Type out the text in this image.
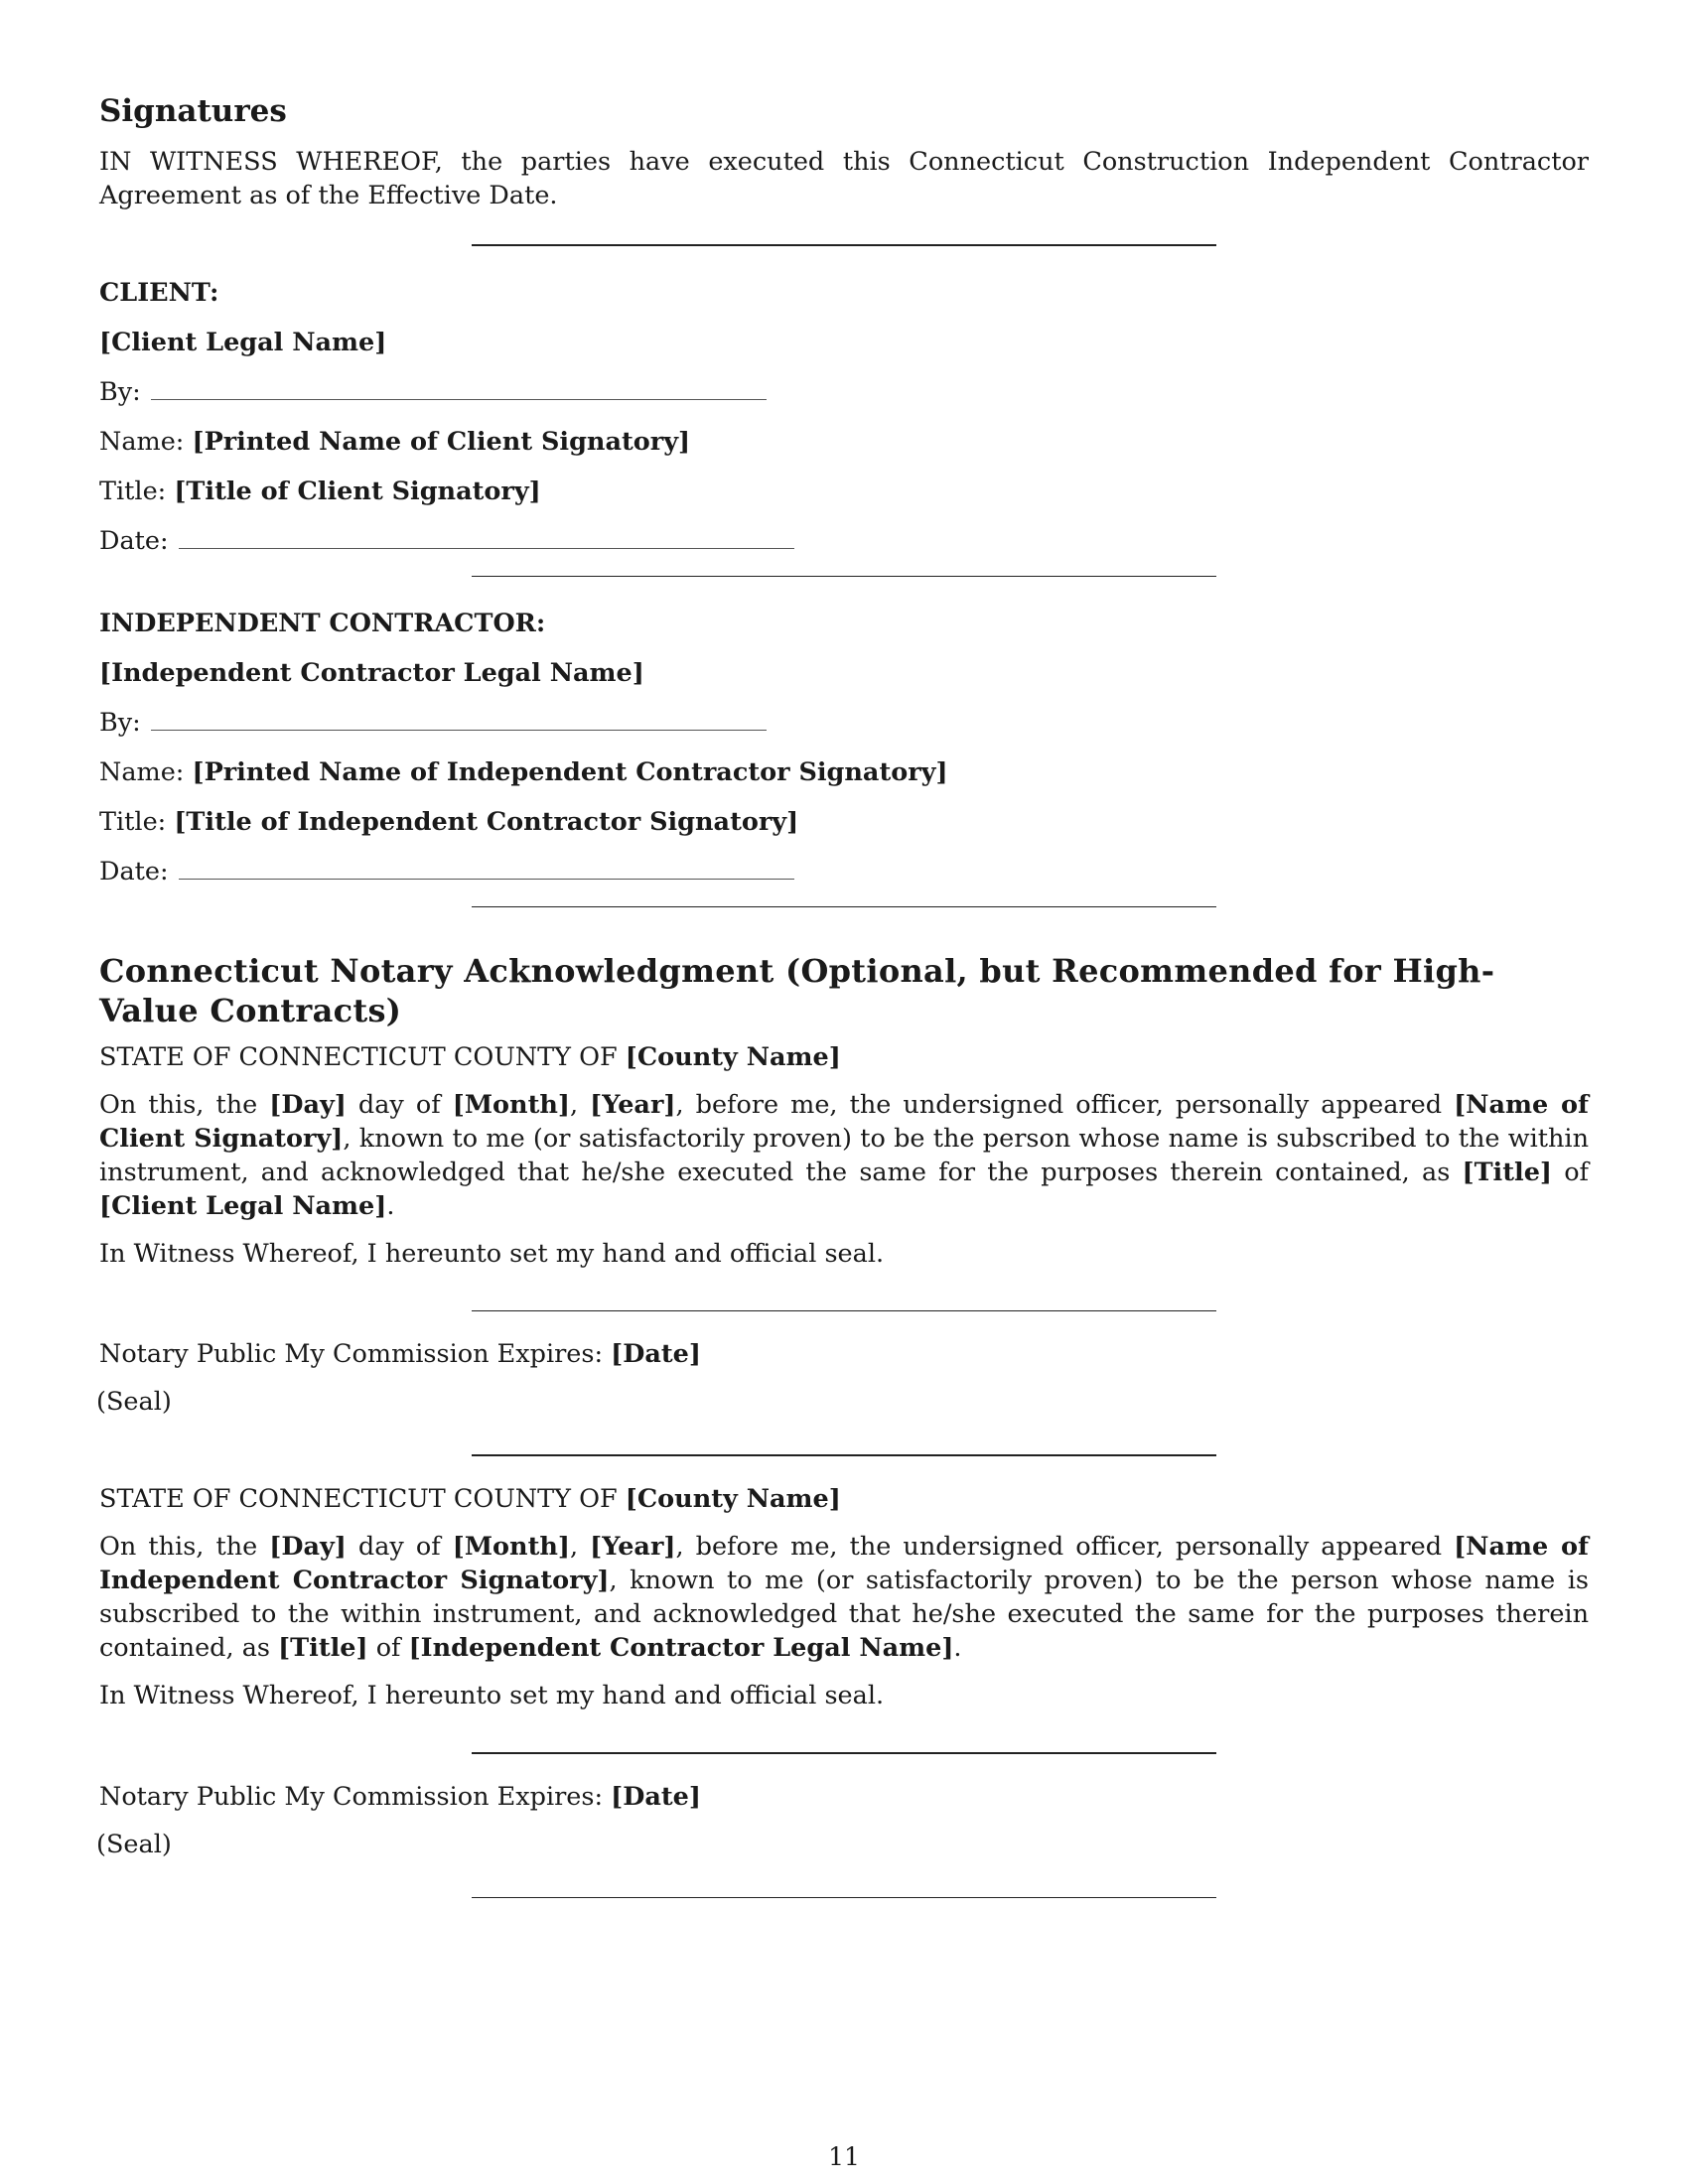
Signatures

IN WITNESS WHEREOF, the parties have executed this Connecticut Construction Independent Contractor Agreement as of the Effective Date.

CLIENT:
[Client Legal Name]
By:
Name: [Printed Name of Client Signatory]
Title: [Title of Client Signatory]
Date:
INDEPENDENT CONTRACTOR:
[Independent Contractor Legal Name]
By:
Name: [Printed Name of Independent Contractor Signatory]
Title: [Title of Independent Contractor Signatory]
Date:
Connecticut Notary Acknowledgment (Optional, but Recommended for High-Value Contracts)

STATE OF CONNECTICUT COUNTY OF [County Name]

On this, the [Day] day of [Month], [Year], before me, the undersigned officer, personally appeared [Name of Client Signatory], known to me (or satisfactorily proven) to be the person whose name is subscribed to the within instrument, and acknowledged that he/she executed the same for the purposes therein contained, as [Title] of [Client Legal Name].

In Witness Whereof, I hereunto set my hand and official seal.

Notary Public My Commission Expires: [Date]

(Seal)

STATE OF CONNECTICUT COUNTY OF [County Name]

On this, the [Day] day of [Month], [Year], before me, the undersigned officer, personally appeared [Name of Independent Contractor Signatory], known to me (or satisfactorily proven) to be the person whose name is subscribed to the within instrument, and acknowledged that he/she executed the same for the purposes therein contained, as [Title] of [Independent Contractor Legal Name].

In Witness Whereof, I hereunto set my hand and official seal.

Notary Public My Commission Expires: [Date]

(Seal)

11
